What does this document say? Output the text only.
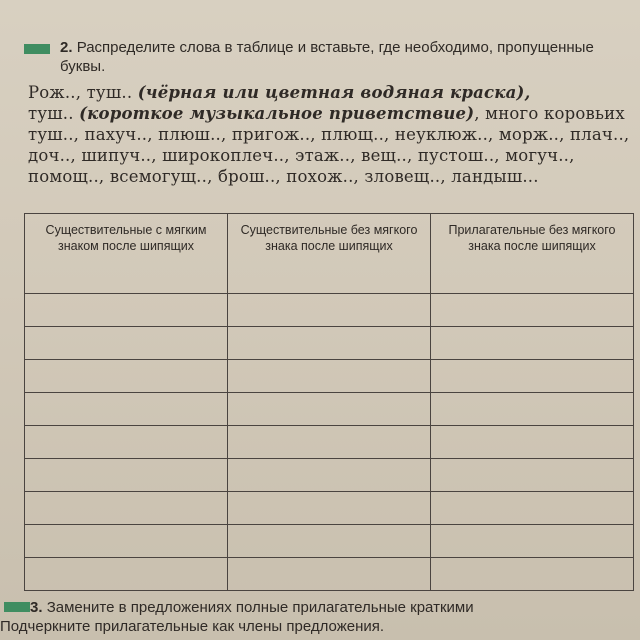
2. Распределите слова в таблице и вставьте, где необходимо, пропущенные буквы.
Рож.., туш.. (чёрная или цветная водяная краска),
туш.. (короткое музыкальное приветствие), много коровьих туш.., пахуч.., плюш.., пригож.., плющ.., неуклюж.., морж.., плач.., доч.., шипуч.., широкоплеч.., этаж.., вещ.., пустош.., могуч.., помощ.., всемогущ.., брош.., похож.., зловещ.., ландыш...
Существительные с мягким знаком после шипящих	Существительные без мягкого знака после шипящих	Прилагательные без мягкого знака после шипящих

3. Замените в предложениях полные прилагательные краткими
Подчеркните прилагательные как члены предложения.
